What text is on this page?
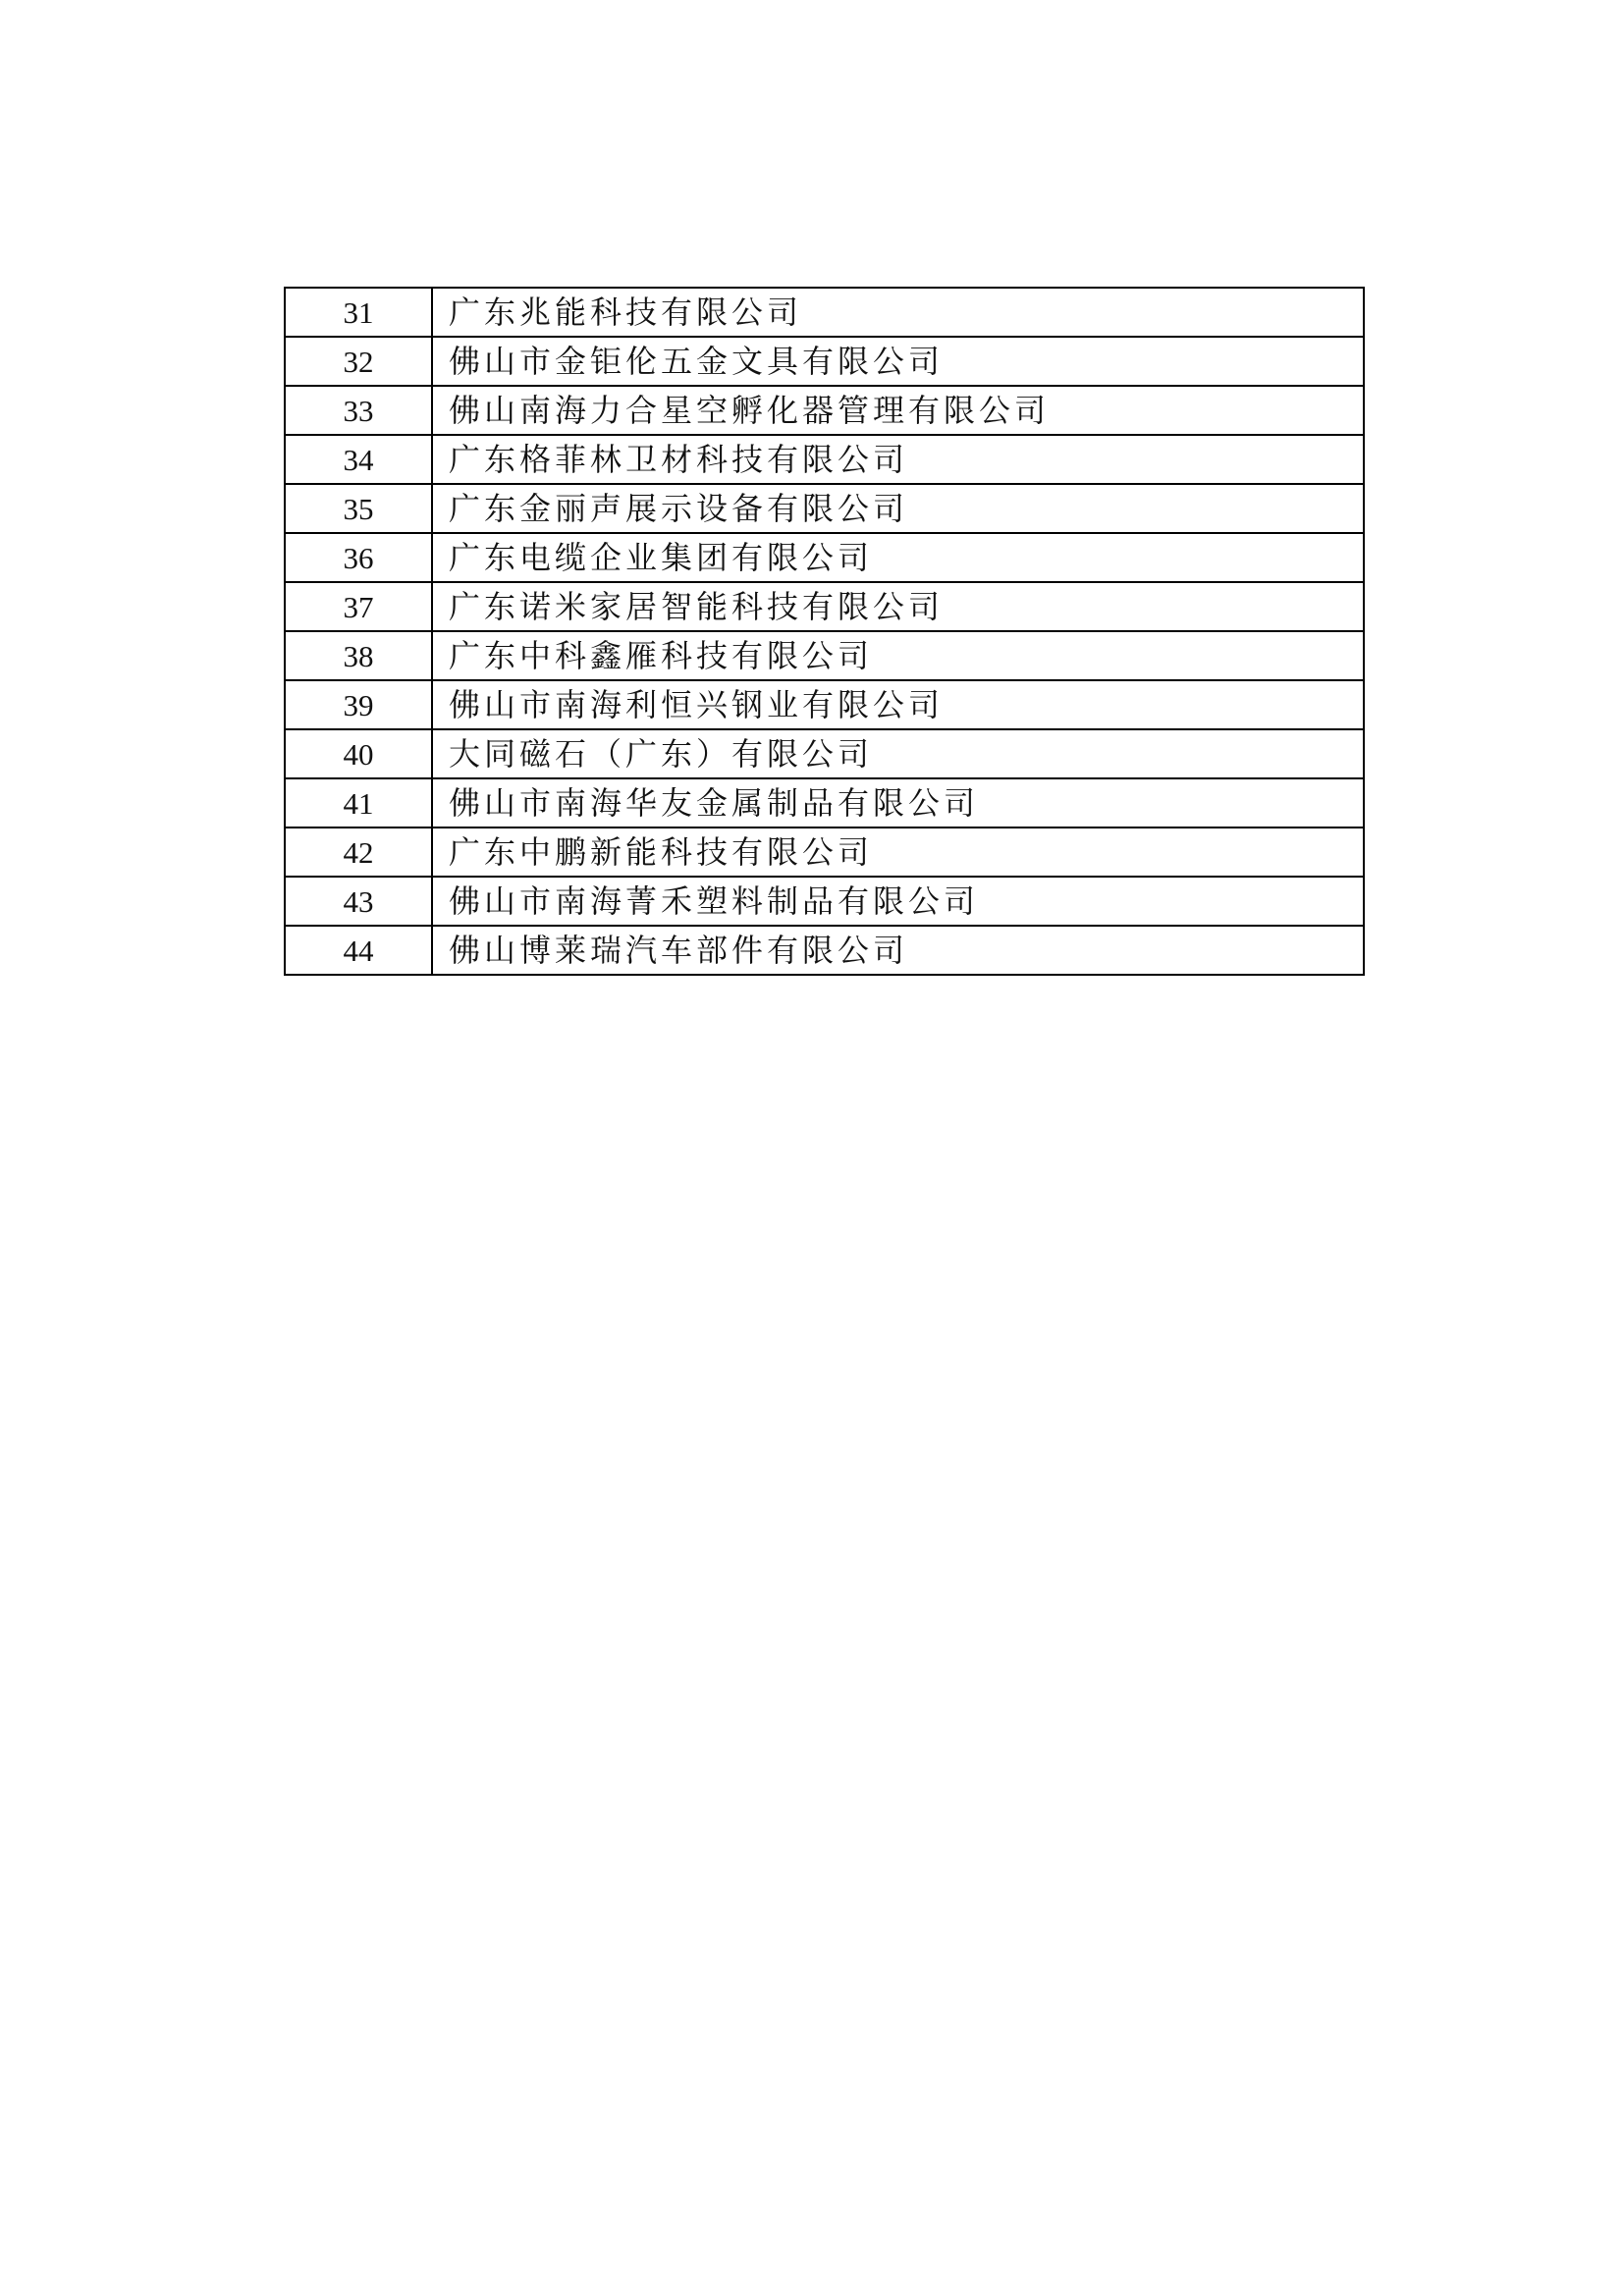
31	广东兆能科技有限公司
32	佛山市金钜伦五金文具有限公司
33	佛山南海力合星空孵化器管理有限公司
34	广东格菲林卫材科技有限公司
35	广东金丽声展示设备有限公司
36	广东电缆企业集团有限公司
37	广东诺米家居智能科技有限公司
38	广东中科鑫雁科技有限公司
39	佛山市南海利恒兴钢业有限公司
40	大同磁石（广东）有限公司
41	佛山市南海华友金属制品有限公司
42	广东中鹏新能科技有限公司
43	佛山市南海菁禾塑料制品有限公司
44	佛山博莱瑞汽车部件有限公司
